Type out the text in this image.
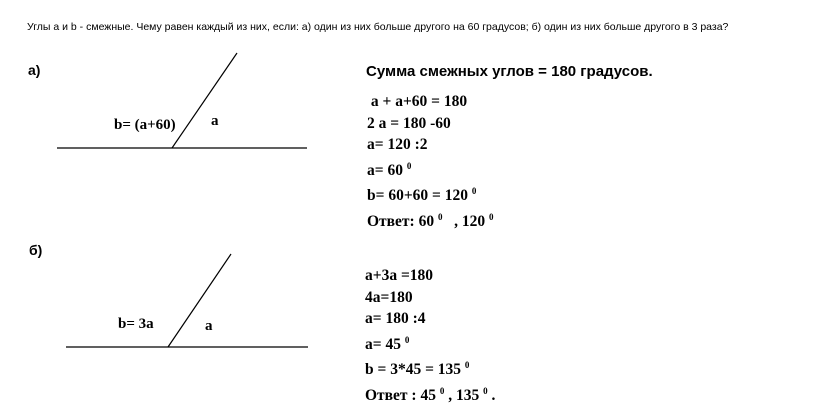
Углы a и b - смежные. Чему равен каждый из них, если: а) один из них больше другого на 60 градусов; б) один из них больше другого в 3 раза?
а)
b= (a+60) a
Сумма смежных углов = 180 градусов.
a + a+60 = 180
2 a = 180 -60
a= 120 :2
a= 60 $^0$
b= 60+60 = 120 $^0$
Ответ: 60 $^0$ , 120 $^0$
б)
b= 3a	a
a+3a =180
4a=180
a= 180 :4
a= 45 $^0$
b = 3*45 = 135 $^0$
Ответ : 45 $^0$ , 135 $^0$ .
